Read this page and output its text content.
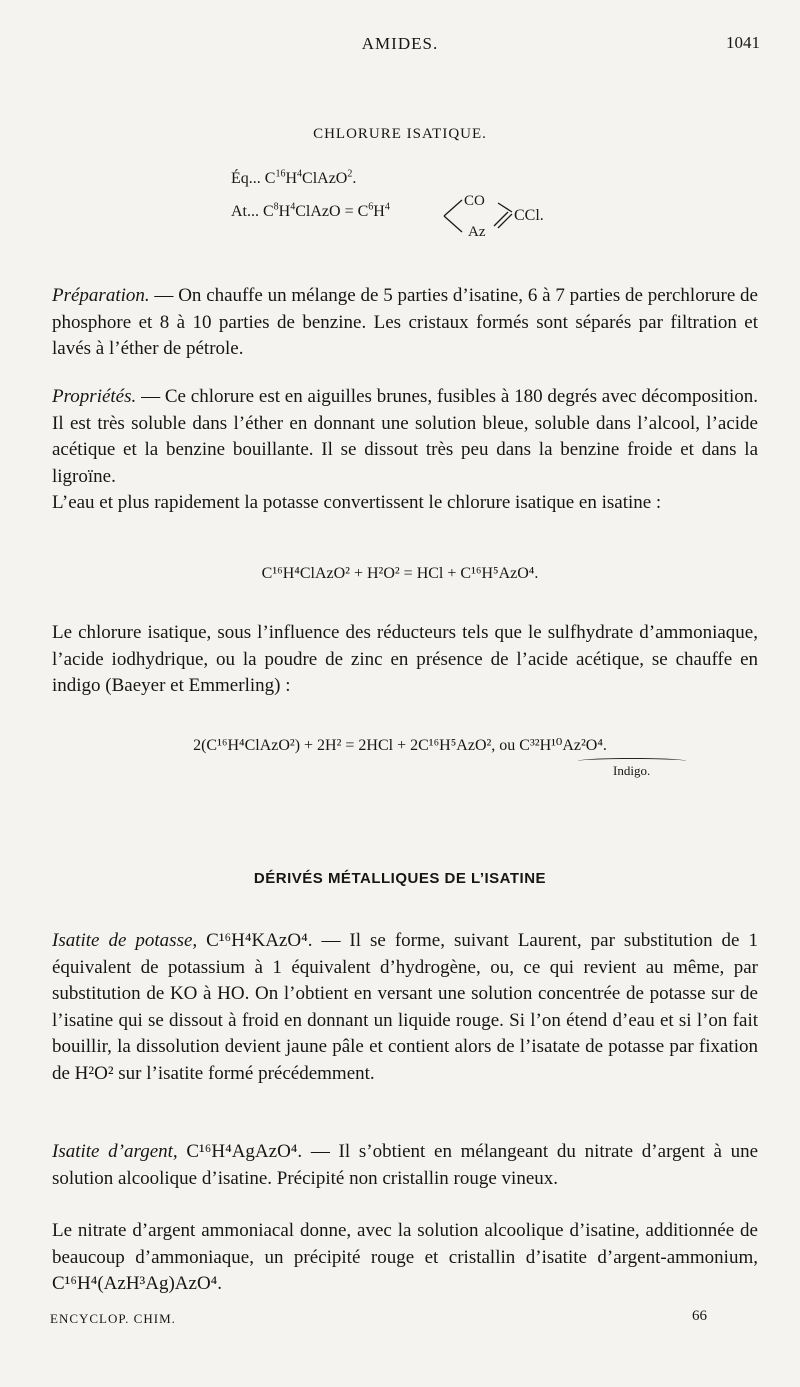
AMIDES.	1041
CHLORURE ISATIQUE.
Éq... $C^{16}H^4ClAzO^2$.
At... $C^8H^4ClAzO = C^6H^4$	CO
Az
CCl.

Préparation. — On chauffe un mélange de 5 parties d’isatine, 6 à 7 parties de perchlorure de phosphore et 8 à 10 parties de benzine. Les cristaux formés sont séparés par filtration et lavés à l’éther de pétrole.

Propriétés. — Ce chlorure est en aiguilles brunes, fusibles à 180 degrés avec décomposition. Il est très soluble dans l’éther en donnant une solution bleue, soluble dans l’alcool, l’acide acétique et la benzine bouillante. Il se dissout très peu dans la benzine froide et dans la ligroïne.

L’eau et plus rapidement la potasse convertissent le chlorure isatique en isatine :

C¹⁶H⁴ClAzO² + H²O² = HCl + C¹⁶H⁵AzO⁴.

Le chlorure isatique, sous l’influence des réducteurs tels que le sulfhydrate d’ammoniaque, l’acide iodhydrique, ou la poudre de zinc en présence de l’acide acétique, se chauffe en indigo (Baeyer et Emmerling) :

2(C¹⁶H⁴ClAzO²) + 2H² = 2HCl + 2C¹⁶H⁵AzO², ou C³²H¹⁰Az²O⁴.
Indigo.
DÉRIVÉS MÉTALLIQUES DE L’ISATINE

Isatite de potasse, C¹⁶H⁴KAzO⁴. — Il se forme, suivant Laurent, par substitution de 1 équivalent de potassium à 1 équivalent d’hydrogène, ou, ce qui revient au même, par substitution de KO à HO. On l’obtient en versant une solution concentrée de potasse sur de l’isatine qui se dissout à froid en donnant un liquide rouge. Si l’on étend d’eau et si l’on fait bouillir, la dissolution devient jaune pâle et contient alors de l’isatate de potasse par fixation de H²O² sur l’isatite formé précédemment.

Isatite d’argent, C¹⁶H⁴AgAzO⁴. — Il s’obtient en mélangeant du nitrate d’argent à une solution alcoolique d’isatine. Précipité non cristallin rouge vineux.

Le nitrate d’argent ammoniacal donne, avec la solution alcoolique d’isatine, additionnée de beaucoup d’ammoniaque, un précipité rouge et cristallin d’isatite d’argent-ammonium, C¹⁶H⁴(AzH³Ag)AzO⁴.

ENCYCLOP. CHIM.	66
